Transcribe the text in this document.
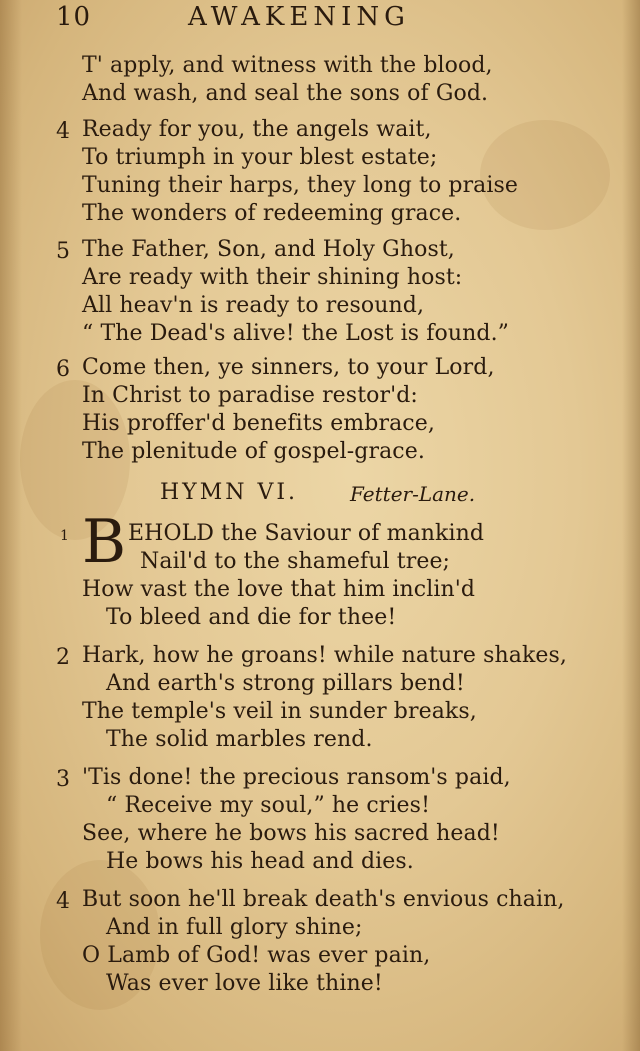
10	AWAKENING
T' apply, and witness with the blood,
And wash, and seal the sons of God.
4 Ready for you, the angels wait,
To triumph in your blest estate;
Tuning their harps, they long to praise
The wonders of redeeming grace.
5 The Father, Son, and Holy Ghost,
Are ready with their shining host:
All heav'n is ready to resound,
“ The Dead's alive! the Lost is found.”
6 Come then, ye sinners, to your Lord,
In Christ to paradise restor'd:
His proffer'd benefits embrace,
The plenitude of gospel-grace.
HYMN VI.	Fetter-Lane.
1 B EHOLD the Saviour of mankind
Nail'd to the shameful tree;
How vast the love that him inclin'd
To bleed and die for thee!
2 Hark, how he groans! while nature shakes,
And earth's strong pillars bend!
The temple's veil in sunder breaks,
The solid marbles rend.
3 'Tis done! the precious ransom's paid,
“ Receive my soul,” he cries!
See, where he bows his sacred head!
He bows his head and dies.
4 But soon he'll break death's envious chain,
And in full glory shine;
O Lamb of God! was ever pain,
Was ever love like thine!
